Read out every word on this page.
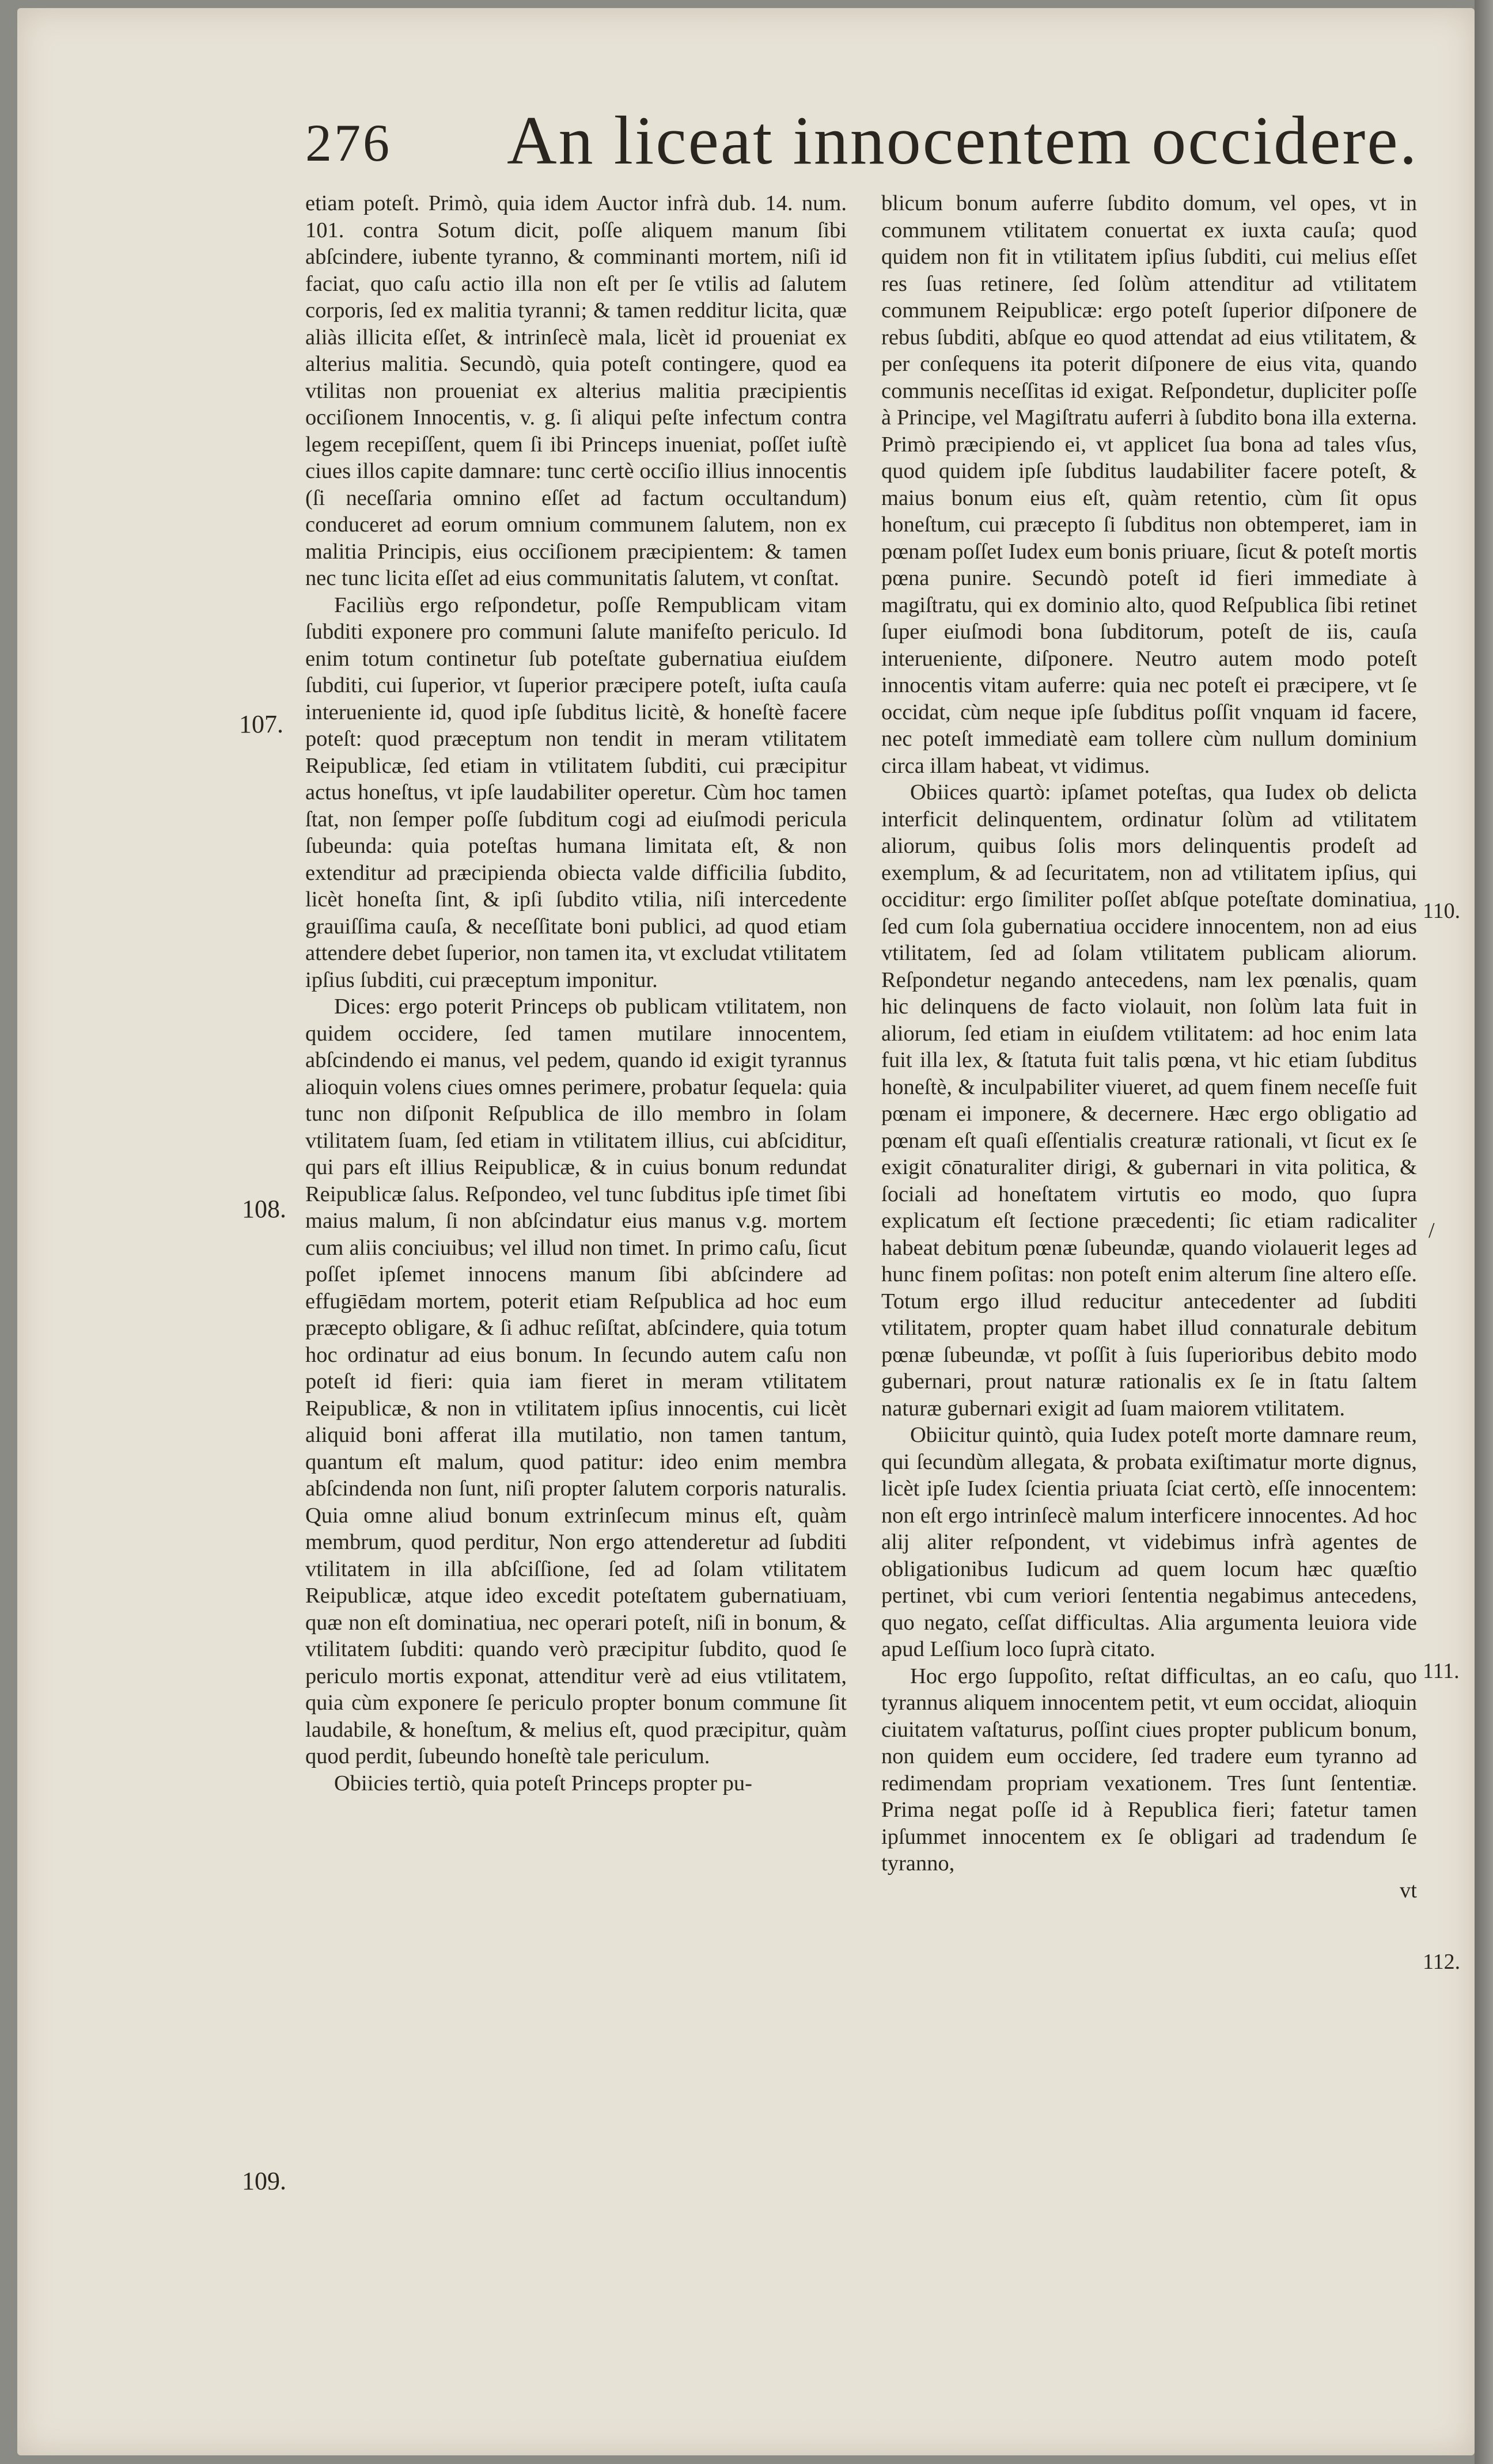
276 An liceat innocentem occidere.

etiam poteſt. Primò, quia idem Auctor infrà dub. 14. num. 101. contra Sotum dicit, poſſe aliquem manum ſibi abſcindere, iubente tyranno, & comminanti mortem, niſi id faciat, quo caſu actio illa non eſt per ſe vtilis ad ſalutem corporis, ſed ex malitia tyranni; & tamen redditur licita, quæ aliàs illicita eſſet, & intrinſecè mala, licèt id proueniat ex alterius malitia. Secundò, quia poteſt contingere, quod ea vtilitas non proueniat ex alterius malitia præcipientis occiſionem Innocentis, v. g. ſi aliqui peſte infectum contra legem recepiſſent, quem ſi ibi Princeps inueniat, poſſet iuſtè ciues illos capite damnare: tunc certè occiſio illius innocentis (ſi neceſſaria omnino eſſet ad factum occultandum) conduceret ad eorum omnium communem ſalutem, non ex malitia Principis, eius occiſionem præcipientem: & tamen nec tunc licita eſſet ad eius communitatis ſalutem, vt conſtat.

Faciliùs ergo reſpondetur, poſſe Rempublicam vitam ſubditi exponere pro communi ſalute manifeſto periculo. Id enim totum continetur ſub poteſtate gubernatiua eiuſdem ſubditi, cui ſuperior, vt ſuperior præcipere poteſt, iuſta cauſa interueniente id, quod ipſe ſubditus licitè, & honeſtè facere poteſt: quod præceptum non tendit in meram vtilitatem Reipublicæ, ſed etiam in vtilitatem ſubditi, cui præcipitur actus honeſtus, vt ipſe laudabiliter operetur. Cùm hoc tamen ſtat, non ſemper poſſe ſubditum cogi ad eiuſmodi pericula ſubeunda: quia poteſtas humana limitata eſt, & non extenditur ad præcipienda obiecta valde difficilia ſubdito, licèt honeſta ſint, & ipſi ſubdito vtilia, niſi intercedente grauiſſima cauſa, & neceſſitate boni publici, ad quod etiam attendere debet ſuperior, non tamen ita, vt excludat vtilitatem ipſius ſubditi, cui præceptum imponitur.

Dices: ergo poterit Princeps ob publicam vtilitatem, non quidem occidere, ſed tamen mutilare innocentem, abſcindendo ei manus, vel pedem, quando id exigit tyrannus alioquin volens ciues omnes perimere, probatur ſequela: quia tunc non diſponit Reſpublica de illo membro in ſolam vtilitatem ſuam, ſed etiam in vtilitatem illius, cui abſciditur, qui pars eſt illius Reipublicæ, & in cuius bonum redundat Reipublicæ ſalus. Reſpondeo, vel tunc ſubditus ipſe timet ſibi maius malum, ſi non abſcindatur eius manus v.g. mortem cum aliis conciuibus; vel illud non timet. In primo caſu, ſicut poſſet ipſemet innocens manum ſibi abſcindere ad effugiēdam mortem, poterit etiam Reſpublica ad hoc eum præcepto obligare, & ſi adhuc reſiſtat, abſcindere, quia totum hoc ordinatur ad eius bonum. In ſecundo autem caſu non poteſt id fieri: quia iam fieret in meram vtilitatem Reipublicæ, & non in vtilitatem ipſius innocentis, cui licèt aliquid boni afferat illa mutilatio, non tamen tantum, quantum eſt malum, quod patitur: ideo enim membra abſcindenda non ſunt, niſi propter ſalutem corporis naturalis. Quia omne aliud bonum extrinſecum minus eſt, quàm membrum, quod perditur, Non ergo attenderetur ad ſubditi vtilitatem in illa abſciſſione, ſed ad ſolam vtilitatem Reipublicæ, atque ideo excedit poteſtatem gubernatiuam, quæ non eſt dominatiua, nec operari poteſt, niſi in bonum, & vtilitatem ſubditi: quando verò præcipitur ſubdito, quod ſe periculo mortis exponat, attenditur verè ad eius vtilitatem, quia cùm exponere ſe periculo propter bonum commune ſit laudabile, & honeſtum, & melius eſt, quod præcipitur, quàm quod perdit, ſubeundo honeſtè tale periculum.

Obiicies tertiò, quia poteſt Princeps propter pu-

107.
108.
109.

blicum bonum auferre ſubdito domum, vel opes, vt in communem vtilitatem conuertat ex iuxta cauſa; quod quidem non fit in vtilitatem ipſius ſubditi, cui melius eſſet res ſuas retinere, ſed ſolùm attenditur ad vtilitatem communem Reipublicæ: ergo poteſt ſuperior diſponere de rebus ſubditi, abſque eo quod attendat ad eius vtilitatem, & per conſequens ita poterit diſponere de eius vita, quando communis neceſſitas id exigat. Reſpondetur, dupliciter poſſe à Principe, vel Magiſtratu auferri à ſubdito bona illa externa. Primò præcipiendo ei, vt applicet ſua bona ad tales vſus, quod quidem ipſe ſubditus laudabiliter facere poteſt, & maius bonum eius eſt, quàm retentio, cùm ſit opus honeſtum, cui præcepto ſi ſubditus non obtemperet, iam in pœnam poſſet Iudex eum bonis priuare, ſicut & poteſt mortis pœna punire. Secundò poteſt id fieri immediate à magiſtratu, qui ex dominio alto, quod Reſpublica ſibi retinet ſuper eiuſmodi bona ſubditorum, poteſt de iis, cauſa interueniente, diſponere. Neutro autem modo poteſt innocentis vitam auferre: quia nec poteſt ei præcipere, vt ſe occidat, cùm neque ipſe ſubditus poſſit vnquam id facere, nec poteſt immediatè eam tollere cùm nullum dominium circa illam habeat, vt vidimus.

Obiices quartò: ipſamet poteſtas, qua Iudex ob delicta interficit delinquentem, ordinatur ſolùm ad vtilitatem aliorum, quibus ſolis mors delinquentis prodeſt ad exemplum, & ad ſecuritatem, non ad vtilitatem ipſius, qui occiditur: ergo ſimiliter poſſet abſque poteſtate dominatiua, ſed cum ſola gubernatiua occidere innocentem, non ad eius vtilitatem, ſed ad ſolam vtilitatem publicam aliorum. Reſpondetur negando antecedens, nam lex pœnalis, quam hic delinquens de facto violauit, non ſolùm lata fuit in aliorum, ſed etiam in eiuſdem vtilitatem: ad hoc enim lata fuit illa lex, & ſtatuta fuit talis pœna, vt hic etiam ſubditus honeſtè, & inculpabiliter viueret, ad quem finem neceſſe fuit pœnam ei imponere, & decernere. Hæc ergo obligatio ad pœnam eſt quaſi eſſentialis creaturæ rationali, vt ſicut ex ſe exigit cōnaturaliter dirigi, & gubernari in vita politica, & ſociali ad honeſtatem virtutis eo modo, quo ſupra explicatum eſt ſectione præcedenti; ſic etiam radicaliter habeat debitum pœnæ ſubeundæ, quando violauerit leges ad hunc finem poſitas: non poteſt enim alterum ſine altero eſſe. Totum ergo illud reducitur antecedenter ad ſubditi vtilitatem, propter quam habet illud connaturale debitum pœnæ ſubeundæ, vt poſſit à ſuis ſuperioribus debito modo gubernari, prout naturæ rationalis ex ſe in ſtatu ſaltem naturæ gubernari exigit ad ſuam maiorem vtilitatem.

Obiicitur quintò, quia Iudex poteſt morte damnare reum, qui ſecundùm allegata, & probata exiſtimatur morte dignus, licèt ipſe Iudex ſcientia priuata ſciat certò, eſſe innocentem: non eſt ergo intrinſecè malum interficere innocentes. Ad hoc alij aliter reſpondent, vt videbimus infrà agentes de obligationibus Iudicum ad quem locum hæc quæſtio pertinet, vbi cum veriori ſententia negabimus antecedens, quo negato, ceſſat difficultas. Alia argumenta leuiora vide apud Leſſium loco ſuprà citato.

Hoc ergo ſuppoſito, reſtat difficultas, an eo caſu, quo tyrannus aliquem innocentem petit, vt eum occidat, alioquin ciuitatem vaſtaturus, poſſint ciues propter publicum bonum, non quidem eum occidere, ſed tradere eum tyranno ad redimendam propriam vexationem. Tres ſunt ſententiæ. Prima negat poſſe id à Republica fieri; fatetur tamen ipſummet innocentem ex ſe obligari ad tradendum ſe tyranno,

vt

110.
/
111.
112.
